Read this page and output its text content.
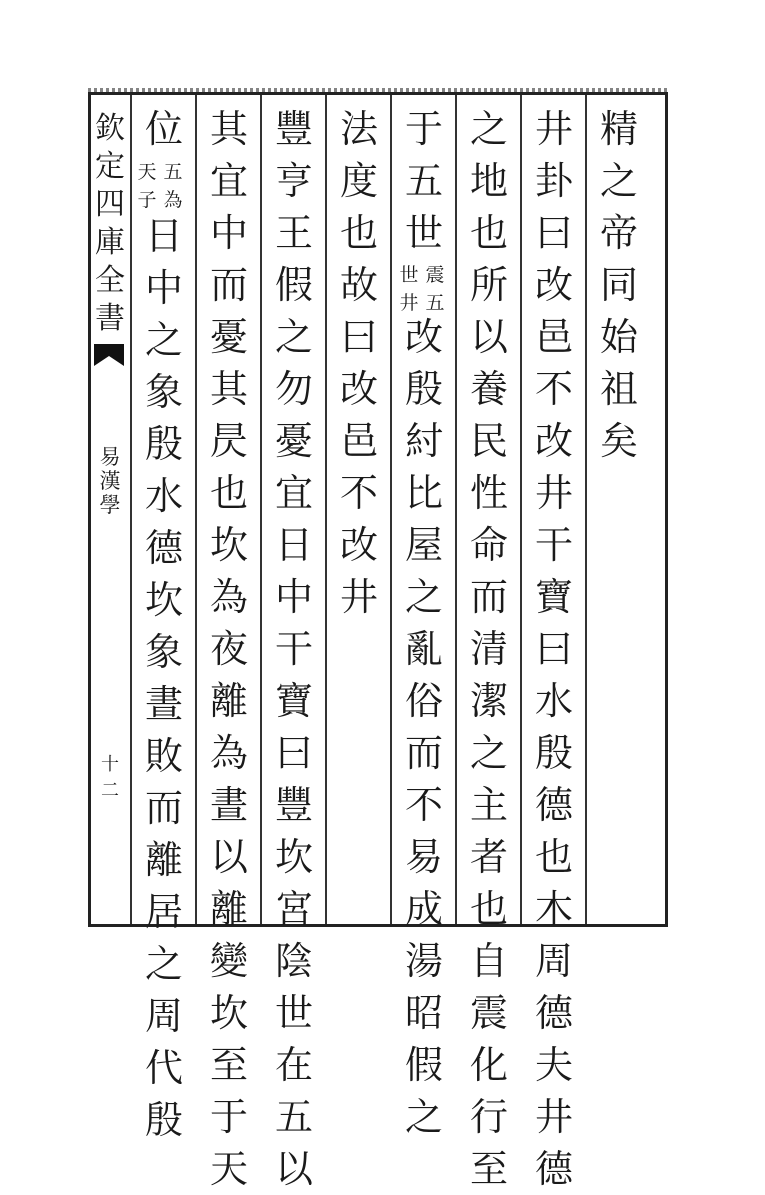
欽
定
四
庫
全
書
易
漢
學
十二
精
之
帝
同
始
祖
矣
井
卦
曰
改
邑
不
改
井
干
寶
曰
水
殷
德
也
木
周
德
夫
井
德
之
地
也
所
以
養
民
性
命
而
清
潔
之
主
者
也
自
震
化
行
至
于
五
世
世
井
震
五
改
殷
紂
比
屋
之
亂
俗
而
不
易
成
湯
昭
假
之
法
度
也
故
曰
改
邑
不
改
井
豐
亨
王
假
之
勿
憂
宜
日
中
干
寶
曰
豐
坎
宮
陰
世
在
五
以
其
宜
中
而
憂
其
昃
也
坎
為
夜
離
為
晝
以
離
變
坎
至
于
天
位
天
子
五
為
日
中
之
象
殷
水
德
坎
象
晝
敗
而
離
居
之
周
代
殷
